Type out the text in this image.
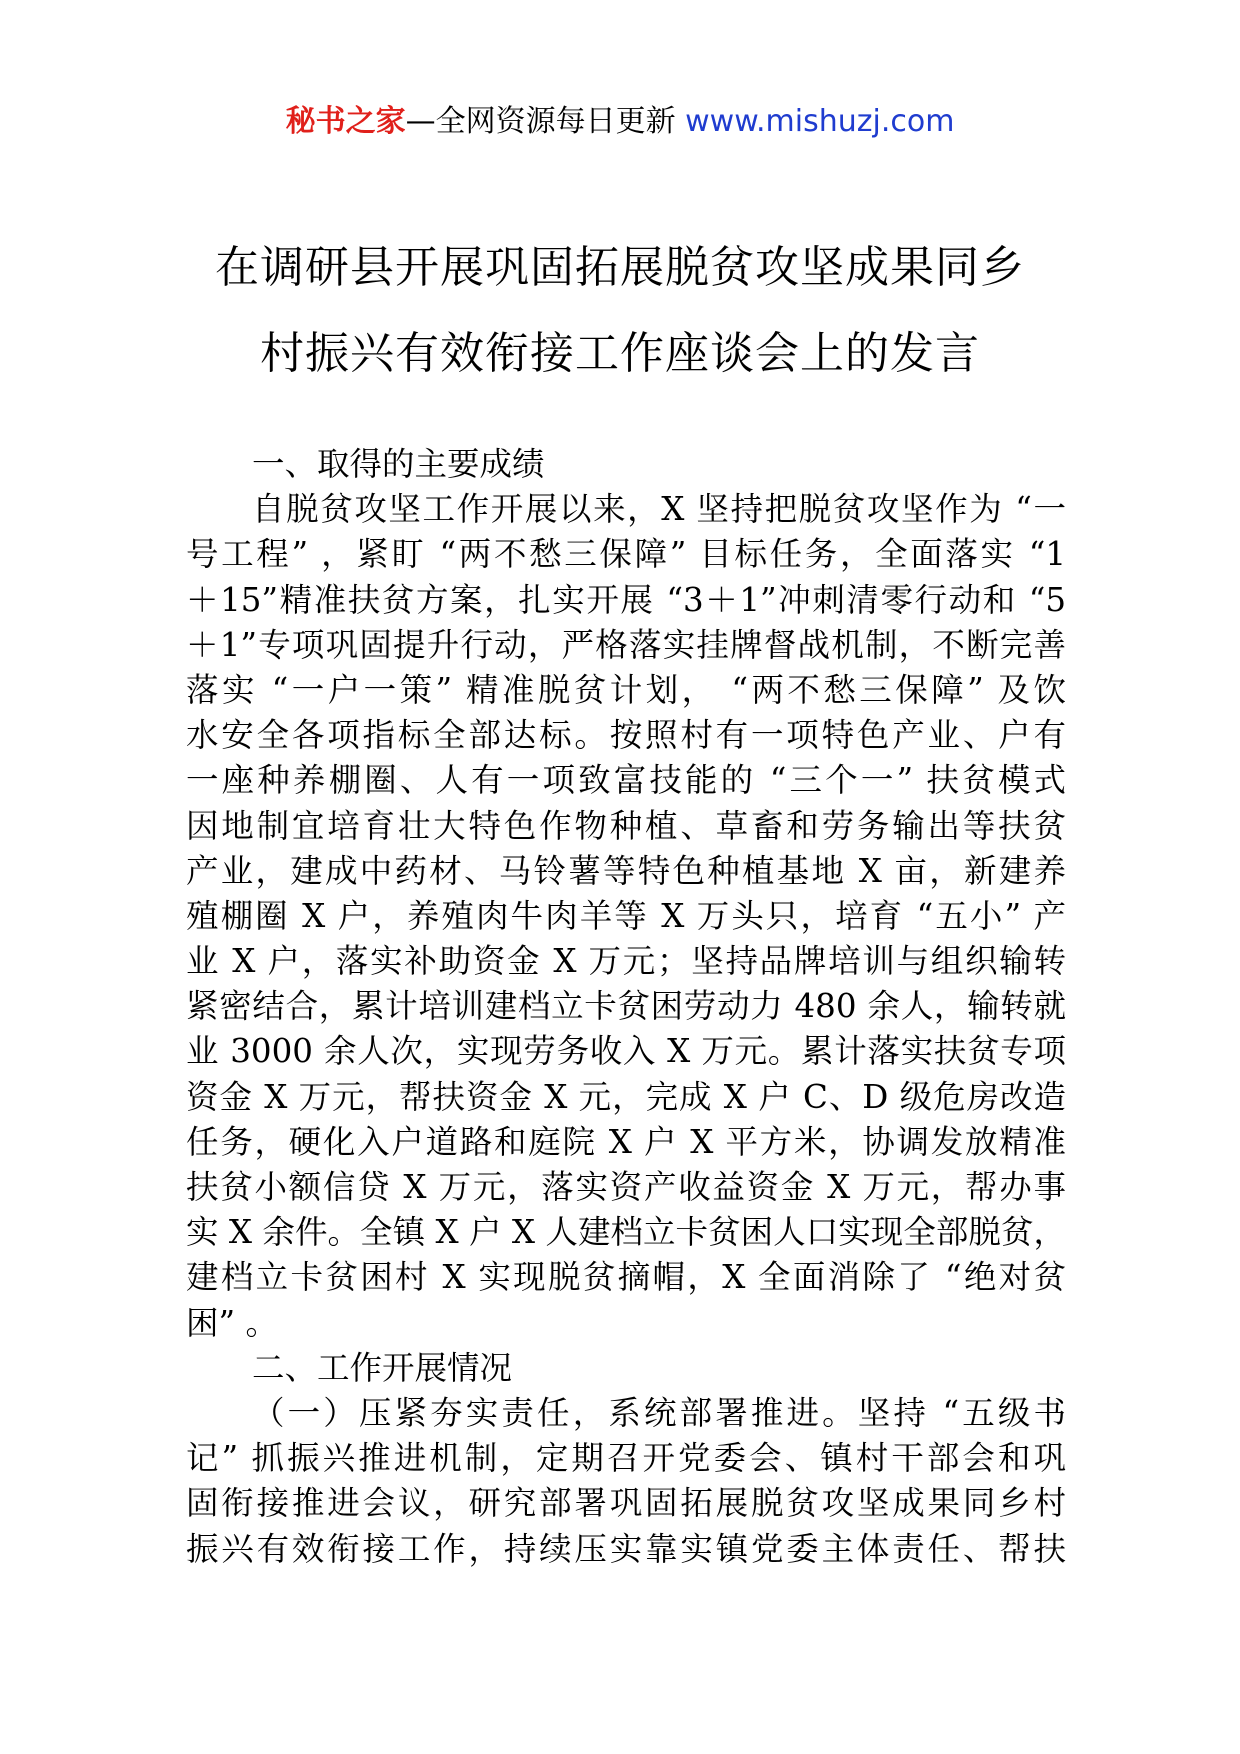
秘书之家—全网资源每日更新 www.mishuzj.com
在调研县开展巩固拓展脱贫攻坚成果同乡
村振兴有效衔接工作座谈会上的发言
一、取得的主要成绩
自脱贫攻坚工作开展以来，X 坚持把脱贫攻坚作为 “一
号工程” ，紧盯 “两不愁三保障” 目标任务，全面落实 “1
＋15”精准扶贫方案，扎实开展 “3＋1”冲刺清零行动和 “5
＋1”专项巩固提升行动，严格落实挂牌督战机制，不断完善
落实 “一户一策” 精准脱贫计划， “两不愁三保障” 及饮
水安全各项指标全部达标。按照村有一项特色产业、户有
一座种养棚圈、人有一项致富技能的 “三个一” 扶贫模式
因地制宜培育壮大特色作物种植、草畜和劳务输出等扶贫
产业，建成中药材、马铃薯等特色种植基地 X 亩，新建养
殖棚圈 X 户，养殖肉牛肉羊等 X 万头只，培育 “五小” 产
业 X 户，落实补助资金 X 万元；坚持品牌培训与组织输转
紧密结合，累计培训建档立卡贫困劳动力 480 余人，输转就
业 3000 余人次，实现劳务收入 X 万元。累计落实扶贫专项
资金 X 万元，帮扶资金 X 元，完成 X 户 C、D 级危房改造
任务，硬化入户道路和庭院 X 户 X 平方米，协调发放精准
扶贫小额信贷 X 万元，落实资产收益资金 X 万元，帮办事
实 X 余件。全镇 X 户 X 人建档立卡贫困人口实现全部脱贫，
建档立卡贫困村 X 实现脱贫摘帽，X 全面消除了 “绝对贫
困” 。
二、工作开展情况
（一）压紧夯实责任，系统部署推进。坚持 “五级书
记” 抓振兴推进机制，定期召开党委会、镇村干部会和巩
固衔接推进会议，研究部署巩固拓展脱贫攻坚成果同乡村
振兴有效衔接工作，持续压实靠实镇党委主体责任、帮扶
